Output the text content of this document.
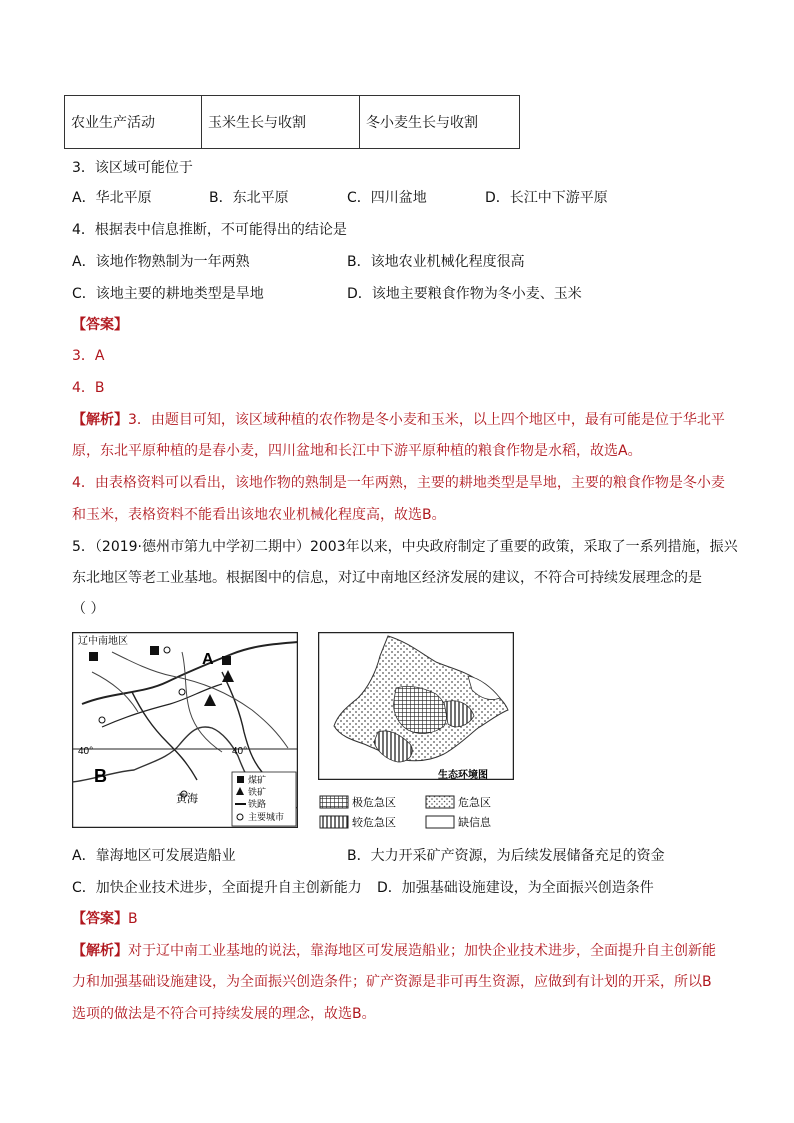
农业生产活动	玉米生长与收割	冬小麦生长与收割
3．该区域可能位于
A．华北平原	B．东北平原	C．四川盆地	D．长江中下游平原
4．根据表中信息推断，不可能得出的结论是
A．该地作物熟制为一年两熟	B．该地农业机械化程度很高
C．该地主要的耕地类型是旱地	D．该地主要粮食作物为冬小麦、玉米
【答案】
3．A
4．B
【解析】3．由题目可知，该区域种植的农作物是冬小麦和玉米，以上四个地区中，最有可能是位于华北平
原，东北平原种植的是春小麦，四川盆地和长江中下游平原种植的粮食作物是水稻，故选A。
4．由表格资料可以看出，该地作物的熟制是一年两熟，主要的耕地类型是旱地，主要的粮食作物是冬小麦
和玉米，表格资料不能看出该地农业机械化程度高，故选B。
5．（2019·德州市第九中学初二期中）2003年以来，中央政府制定了重要的政策，采取了一系列措施，振兴
东北地区等老工业基地。根据图中的信息，对辽中南地区经济发展的建议，不符合可持续发展理念的是
（ ）
辽中南地区
A
B
40°	40°
黄海
煤矿
铁矿
铁路
主要城市
生态环境图
极危急区	危急区
较危急区	缺信息
A．靠海地区可发展造船业	B．大力开采矿产资源，为后续发展储备充足的资金
C．加快企业技术进步，全面提升自主创新能力 D．加强基础设施建设，为全面振兴创造条件
【答案】B
【解析】对于辽中南工业基地的说法，靠海地区可发展造船业；加快企业技术进步，全面提升自主创新能
力和加强基础设施建设，为全面振兴创造条件；矿产资源是非可再生资源，应做到有计划的开采，所以B
选项的做法是不符合可持续发展的理念，故选B。
